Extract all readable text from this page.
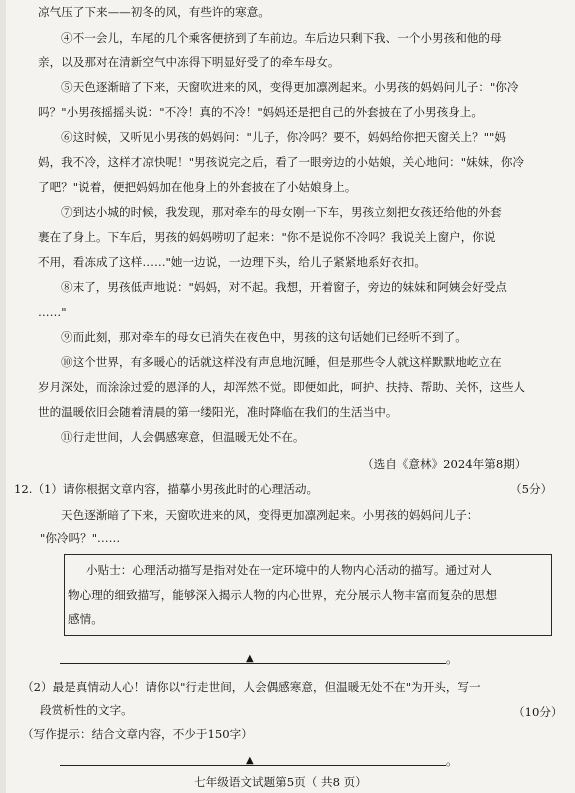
凉气压了下来——初冬的风，有些许的寒意。
④不一会儿，车尾的几个乘客便挤到了车前边。车后边只剩下我、一个小男孩和他的母
亲，以及那对在清新空气中冻得下明显好受了的牵车母女。
⑤天色逐渐暗了下来，天窗吹进来的风，变得更加凛冽起来。小男孩的妈妈问儿子："你冷
吗？"小男孩摇摇头说："不冷！真的不冷！"妈妈还是把自己的外套披在了小男孩身上。
⑥这时候，又听见小男孩的妈妈问："儿子，你冷吗？要不，妈妈给你把天窗关上？""妈
妈，我不冷，这样才凉快呢！"男孩说完之后，看了一眼旁边的小姑娘，关心地问："妹妹，你冷
了吧？"说着，便把妈妈加在他身上的外套披在了小姑娘身上。
⑦到达小城的时候，我发现，那对牵车的母女刚一下车，男孩立刻把女孩还给他的外套
裹在了身上。下车后，男孩的妈妈唠叨了起来："你不是说你不冷吗？我说关上窗户，你说
不用，看冻成了这样……"她一边说，一边理下头，给儿子紧紧地系好衣扣。
⑧末了，男孩低声地说："妈妈，对不起。我想，开着窗子，旁边的妹妹和阿姨会好受点
……"
⑨而此刻，那对牵车的母女已消失在夜色中，男孩的这句话她们已经听不到了。
⑩这个世界，有多暖心的话就这样没有声息地沉睡，但是那些令人就这样默默地屹立在
岁月深处，而涂涂过爱的恩泽的人，却浑然不觉。即便如此，呵护、扶持、帮助、关怀，这些人
世的温暖依旧会随着清晨的第一缕阳光，准时降临在我们的生活当中。
⑪行走世间，人会偶感寒意，但温暖无处不在。
（选自《意林》2024年第8期）
12.（1）请你根据文章内容，描摹小男孩此时的心理活动。	（5分）
天色逐渐暗了下来，天窗吹进来的风，变得更加凛冽起来。小男孩的妈妈问儿子：
"你冷吗？"……
小贴士：心理活动描写是指对处在一定环境中的人物内心活动的描写。通过对人
物心理的细致描写，能够深入揭示人物的内心世界，充分展示人物丰富而复杂的思想
感情。
▲	。
（2）最是真情动人心！请你以"行走世间，人会偶感寒意，但温暖无处不在"为开头，写一
段赏析性的文字。	（10分）
（写作提示：结合文章内容，不少于150字）
▲	。
七年级语文试题第5页（ 共8 页）
